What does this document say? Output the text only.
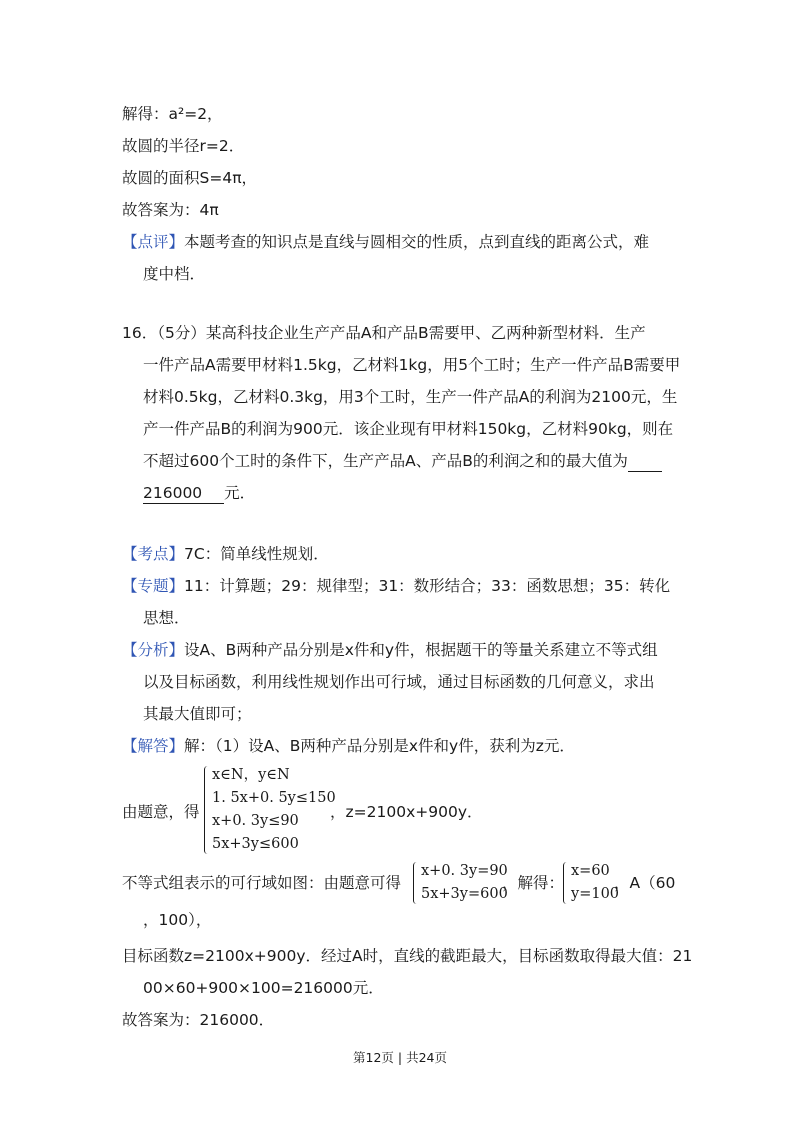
解得：a²=2，
故圆的半径r=2．
故圆的面积S=4π，
故答案为：4π
【点评】本题考查的知识点是直线与圆相交的性质，点到直线的距离公式，难
度中档．
16．（5分）某高科技企业生产产品A和产品B需要甲、乙两种新型材料．生产
一件产品A需要甲材料1.5kg，乙材料1kg，用5个工时；生产一件产品B需要甲
材料0.5kg，乙材料0.3kg，用3个工时，生产一件产品A的利润为2100元，生
产一件产品B的利润为900元．该企业现有甲材料150kg，乙材料90kg，则在
不超过600个工时的条件下，生产产品A、产品B的利润之和的最大值为
216000 元．
【考点】7C：简单线性规划．
【专题】11：计算题；29：规律型；31：数形结合；33：函数思想；35：转化
思想．
【分析】设A、B两种产品分别是x件和y件，根据题干的等量关系建立不等式组
以及目标函数，利用线性规划作出可行域，通过目标函数的几何意义，求出
其最大值即可；
【解答】解：（1）设A、B两种产品分别是x件和y件，获利为z元．
由题意，得
x∈N，y∈N
1. 5x+0. 5y≤150
x+0. 3y≤90
5x+3y≤600
，z=2100x+900y．
不等式组表示的可行域如图：由题意可得
x+0. 3y=90
5x+3y=600
，解得：
x=60
y=100
，A（60
，100），
目标函数z=2100x+900y．经过A时，直线的截距最大，目标函数取得最大值：21
00×60+900×100=216000元．
故答案为：216000．
第12页 | 共24页
